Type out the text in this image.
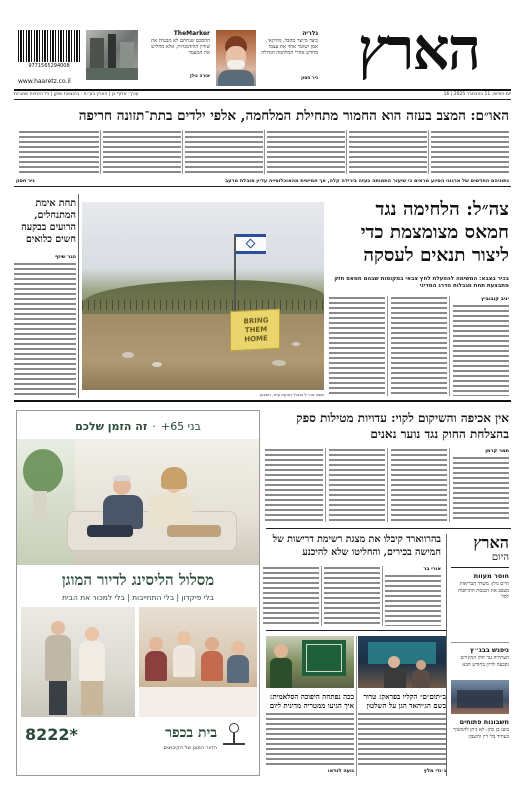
הארץ
גלריה
כיצד מייצר מחבל, מוזיקאי, אמן ושוטר אחד את עצמו מחדש אחרי המלחמה הגדולה
ניר חסון
TheMarker
ההסכם שנחתם לא מבטיח את שוויון ההזדמנויות, אלא מחליש את המעמד
אורה גולן
9771565294008
www.haaretz.co.il
יום חמישי, 11 בנובמבר 2025 | 16
עורך: אלוף בן | הארץ בע״מ · בהוצאת שוקן | כל הזכויות שמורות
האו״ם: המצב בעזה הוא החמור מתחילת המלחמה, אלפי ילדים בתת־תזונה חריפה
נתוניהם החדשים של ארגוני הסיוע מראים כי שיעור התמותה בעזה בירידה קלה, אך חמישית מהאוכלוסייה עדיין סובלת מרעב
צה״ל: הלחימה נגד חמאס מצומצמת כדי ליצור תנאים לעסקה
בכיר בצבא: המשימה להפעלת לחץ צבאי במקומות שבהם חמאס חזק מתבצעת תחת מגבלות הדרג המדיני
יניב קובוביץ
BRING THEM HOME
מוצב צה״ל בגבול רצועת עזה, השבוע
תחת אימת המתנחלים, הרועים בבקעה חשים כלואים
הגר שיזף
בני 65+ · זה הזמן שלכם
מסלול הליסינג לדיור המוגן
בלי פיקדון | בלי התחייבות | בלי למכור את הבית
בית בכפר
הדיור המוגן של הקיבוצים
8222*
אין אכיפה והשיקום לקוי: עדויות מטילות ספק בהצלחת החוק נגד נוער נאנים
תמר קרמן
הארץ
היום
חוסר מעוות
חיים גולן: משרד הבריאות מעכב את הכנסת התרופות לסל
ניפגש בבג״ץ
העתירה נגד חוק המינויים נקבעה לדיון בחודש הבא
חשבונות פתוחים
בועז בן כהן: לא ניתן להמשיך בעתיד בלי דין וחשבון
בהרווארד קיבלו את מצגת רשימת דרישות של חמישה בכירים, והחליטו שלא להיכנע
אורי בר
ב״תום״ם״ הקליו בפראק: טרור בשם הג׳יהאד הגן על השלטון
ג׳ודי מלץ
ככה נפתחה היפוכה הסלאמית: איך הגיעו ממטריה מדינית ליום
נועה לנדאו
ניר חסון
